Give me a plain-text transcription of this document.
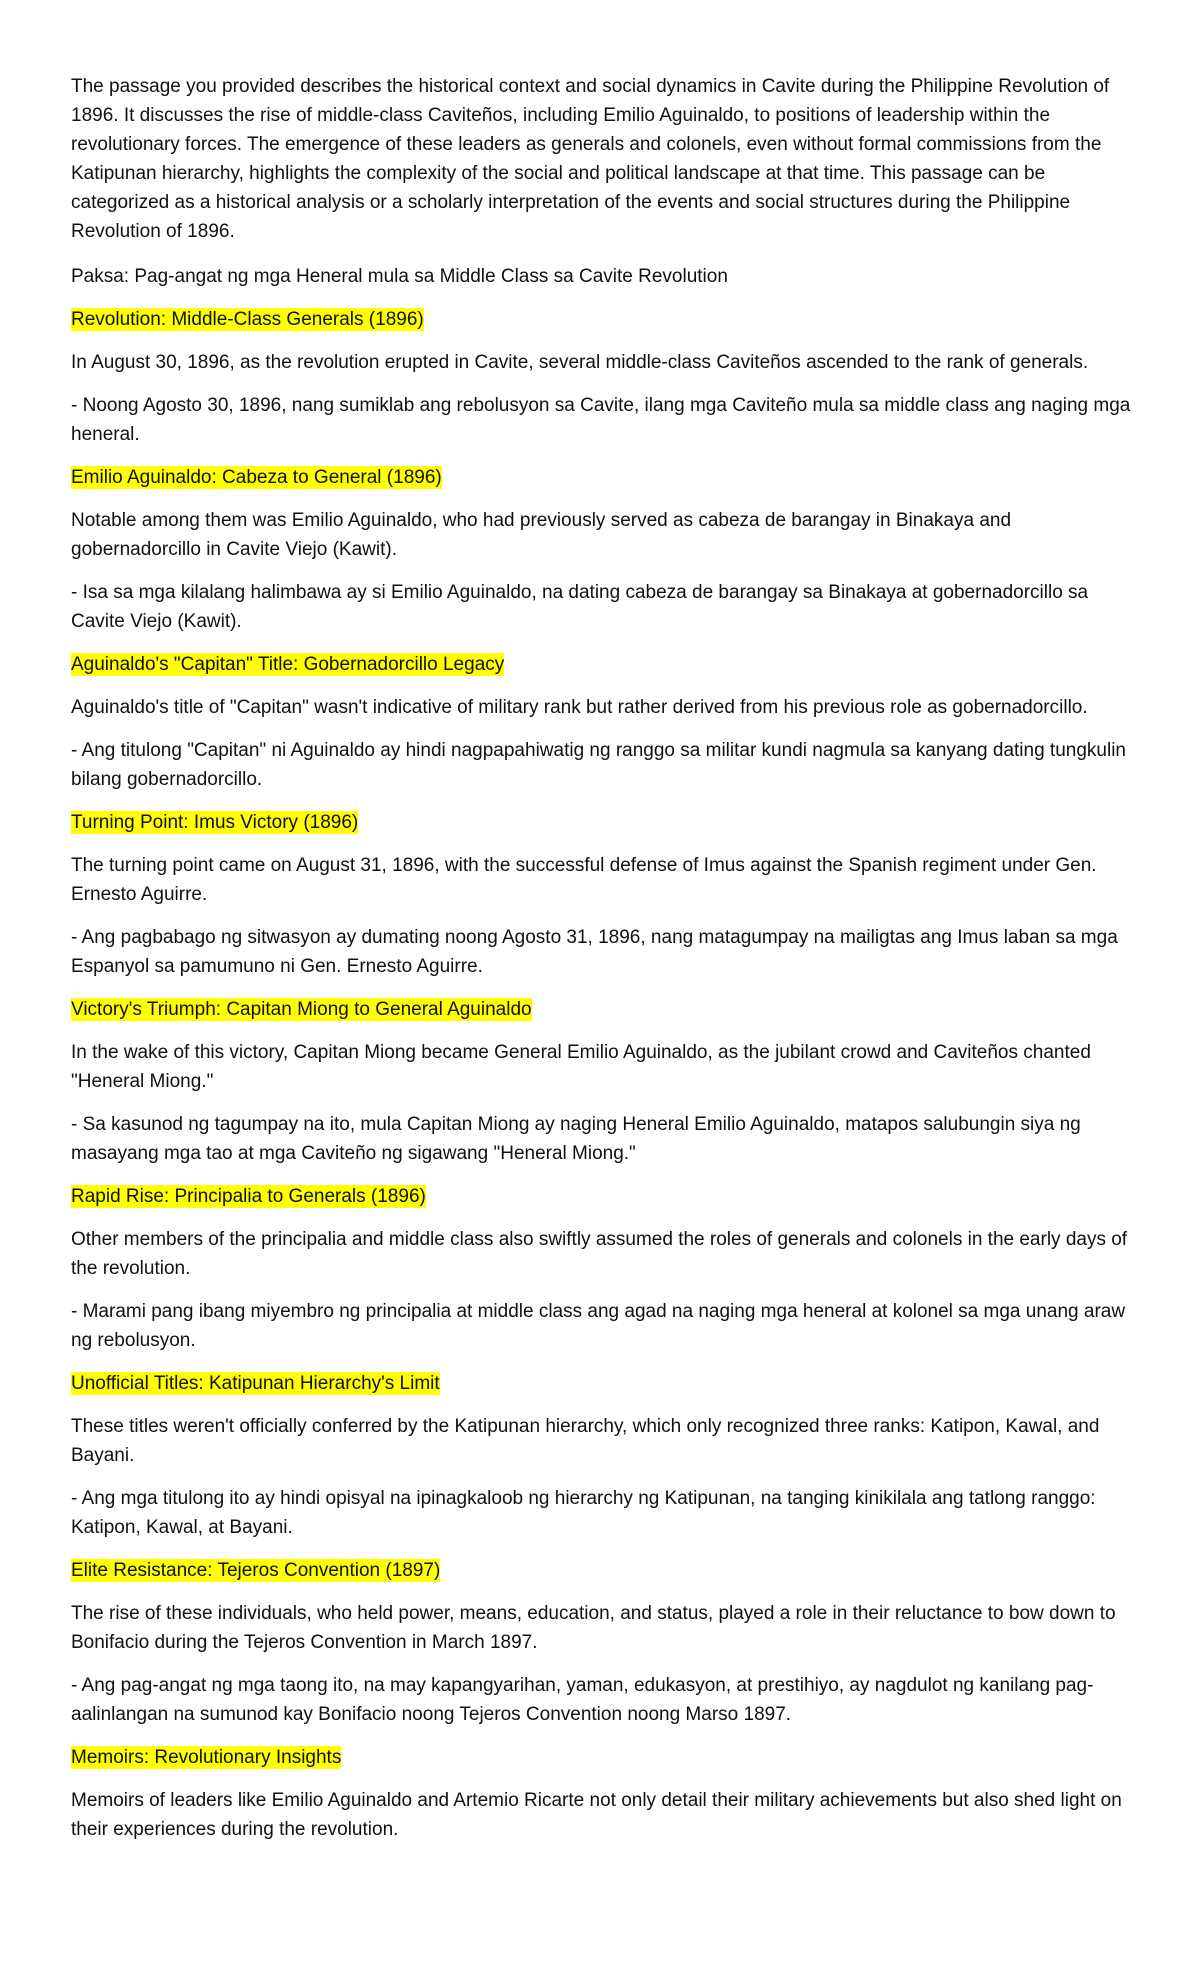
The passage you provided describes the historical context and social dynamics in Cavite during the Philippine Revolution of 1896. It discusses the rise of middle-class Caviteños, including Emilio Aguinaldo, to positions of leadership within the revolutionary forces. The emergence of these leaders as generals and colonels, even without formal commissions from the Katipunan hierarchy, highlights the complexity of the social and political landscape at that time. This passage can be categorized as a historical analysis or a scholarly interpretation of the events and social structures during the Philippine Revolution of 1896.

Paksa: Pag-angat ng mga Heneral mula sa Middle Class sa Cavite Revolution

Revolution: Middle-Class Generals (1896)

In August 30, 1896, as the revolution erupted in Cavite, several middle-class Caviteños ascended to the rank of generals.

- Noong Agosto 30, 1896, nang sumiklab ang rebolusyon sa Cavite, ilang mga Caviteño mula sa middle class ang naging mga heneral.

Emilio Aguinaldo: Cabeza to General (1896)

Notable among them was Emilio Aguinaldo, who had previously served as cabeza de barangay in Binakaya and gobernadorcillo in Cavite Viejo (Kawit).

- Isa sa mga kilalang halimbawa ay si Emilio Aguinaldo, na dating cabeza de barangay sa Binakaya at gobernadorcillo sa Cavite Viejo (Kawit).

Aguinaldo's "Capitan" Title: Gobernadorcillo Legacy

Aguinaldo's title of "Capitan" wasn't indicative of military rank but rather derived from his previous role as gobernadorcillo.

- Ang titulong "Capitan" ni Aguinaldo ay hindi nagpapahiwatig ng ranggo sa militar kundi nagmula sa kanyang dating tungkulin bilang gobernadorcillo.

Turning Point: Imus Victory (1896)

The turning point came on August 31, 1896, with the successful defense of Imus against the Spanish regiment under Gen. Ernesto Aguirre.

- Ang pagbabago ng sitwasyon ay dumating noong Agosto 31, 1896, nang matagumpay na mailigtas ang Imus laban sa mga Espanyol sa pamumuno ni Gen. Ernesto Aguirre.

Victory's Triumph: Capitan Miong to General Aguinaldo

In the wake of this victory, Capitan Miong became General Emilio Aguinaldo, as the jubilant crowd and Caviteños chanted "Heneral Miong."

- Sa kasunod ng tagumpay na ito, mula Capitan Miong ay naging Heneral Emilio Aguinaldo, matapos salubungin siya ng masayang mga tao at mga Caviteño ng sigawang "Heneral Miong."

Rapid Rise: Principalia to Generals (1896)

Other members of the principalia and middle class also swiftly assumed the roles of generals and colonels in the early days of the revolution.

- Marami pang ibang miyembro ng principalia at middle class ang agad na naging mga heneral at kolonel sa mga unang araw ng rebolusyon.

Unofficial Titles: Katipunan Hierarchy's Limit

These titles weren't officially conferred by the Katipunan hierarchy, which only recognized three ranks: Katipon, Kawal, and Bayani.

- Ang mga titulong ito ay hindi opisyal na ipinagkaloob ng hierarchy ng Katipunan, na tanging kinikilala ang tatlong ranggo: Katipon, Kawal, at Bayani.

Elite Resistance: Tejeros Convention (1897)

The rise of these individuals, who held power, means, education, and status, played a role in their reluctance to bow down to Bonifacio during the Tejeros Convention in March 1897.

- Ang pag-angat ng mga taong ito, na may kapangyarihan, yaman, edukasyon, at prestihiyo, ay nagdulot ng kanilang pag-aalinlangan na sumunod kay Bonifacio noong Tejeros Convention noong Marso 1897.

Memoirs: Revolutionary Insights

Memoirs of leaders like Emilio Aguinaldo and Artemio Ricarte not only detail their military achievements but also shed light on their experiences during the revolution.
